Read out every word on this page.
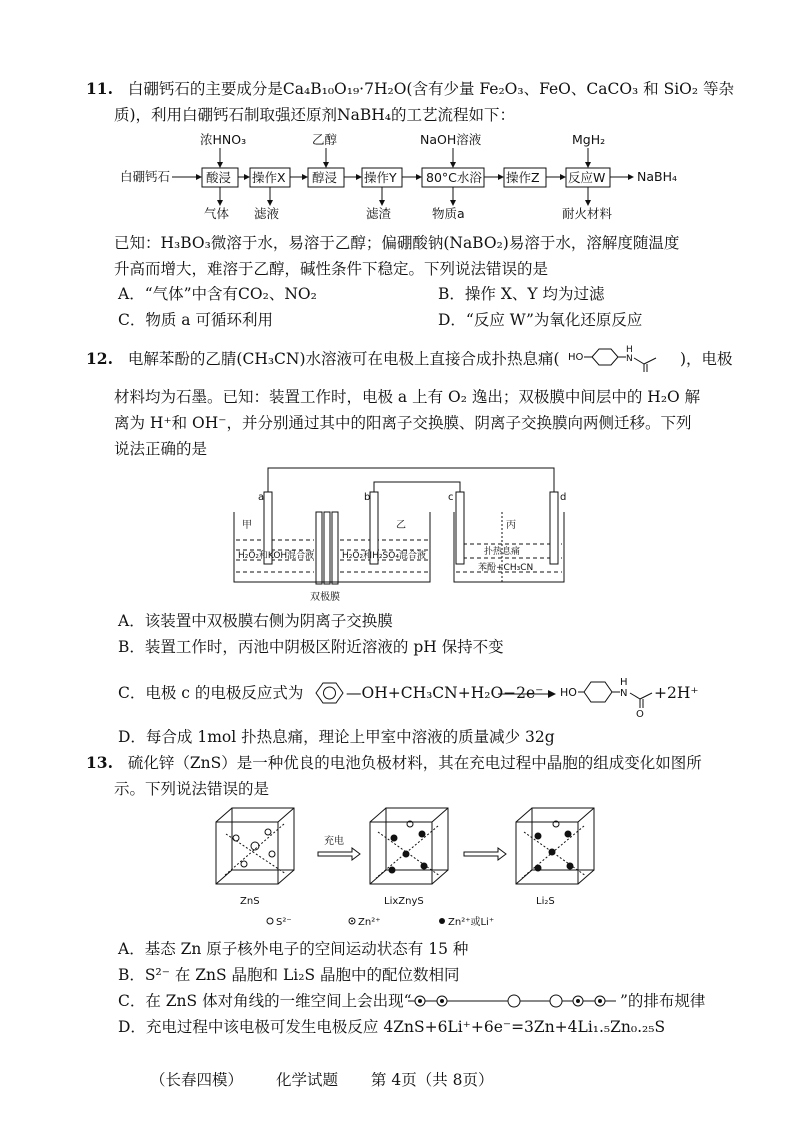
11. 白硼钙石的主要成分是Ca₄B₁₀O₁₉·7H₂O(含有少量 Fe₂O₃、FeO、CaCO₃ 和 SiO₂ 等杂
质)，利用白硼钙石制取强还原剂NaBH₄的工艺流程如下：
白硼钙石	酸浸 操作X 醇浸 操作Y 80°C水浴 操作Z 反应W	NaBH₄
浓HNO₃	乙醇	NaOH溶液	MgH₂
气体 滤液	滤渣	物质a	耐火材料
已知：H₃BO₃微溶于水，易溶于乙醇；偏硼酸钠(NaBO₂)易溶于水，溶解度随温度
升高而增大，难溶于乙醇，碱性条件下稳定。下列说法错误的是
A．“气体”中含有CO₂、NO₂	B．操作 X、Y 均为过滤
C．物质 a 可循环利用	D．“反应 W”为氧化还原反应
12. 电解苯酚的乙腈(CH₃CN)水溶液可在电极上直接合成扑热息痛( HO
H
N	)，电极
材料均为石墨。已知：装置工作时，电极 a 上有 O₂ 逸出；双极膜中间层中的 H₂O 解
离为 H⁺和 OH⁻，并分别通过其中的阳离子交换膜、阴离子交换膜向两侧迁移。下列
说法正确的是
a	b	c	d
甲	乙	丙
H₂O₂和KOH混合液	H₂O₂和H₂SO₄混合液	扑热息痛
苯酚+CH₃CN
双极膜
A．该装置中双极膜右侧为阴离子交换膜
B．装置工作时，丙池中阴极区附近溶液的 pH 保持不变
C．电极 c 的电极反应式为	—OH+CH₃CN+H₂O−2e⁻ → HO
H
N
O
+2H⁺
D．每合成 1mol 扑热息痛，理论上甲室中溶液的质量减少 32g
13. 硫化锌（ZnS）是一种优良的电池负极材料，其在充电过程中晶胞的组成变化如图所
示。下列说法错误的是
充电
ZnS	LixZnyS	Li₂S
S²⁻	Zn²⁺	Zn²⁺或Li⁺
A．基态 Zn 原子核外电子的空间运动状态有 15 种
B．S²⁻ 在 ZnS 晶胞和 Li₂S 晶胞中的配位数相同
C．在 ZnS 体对角线的一维空间上会出现“	”的排布规律
D．充电过程中该电极可发生电极反应 4ZnS+6Li⁺+6e⁻=3Zn+4Li₁.₅Zn₀.₂₅S
（长春四模） 化学试题 第 4页（共 8页）
